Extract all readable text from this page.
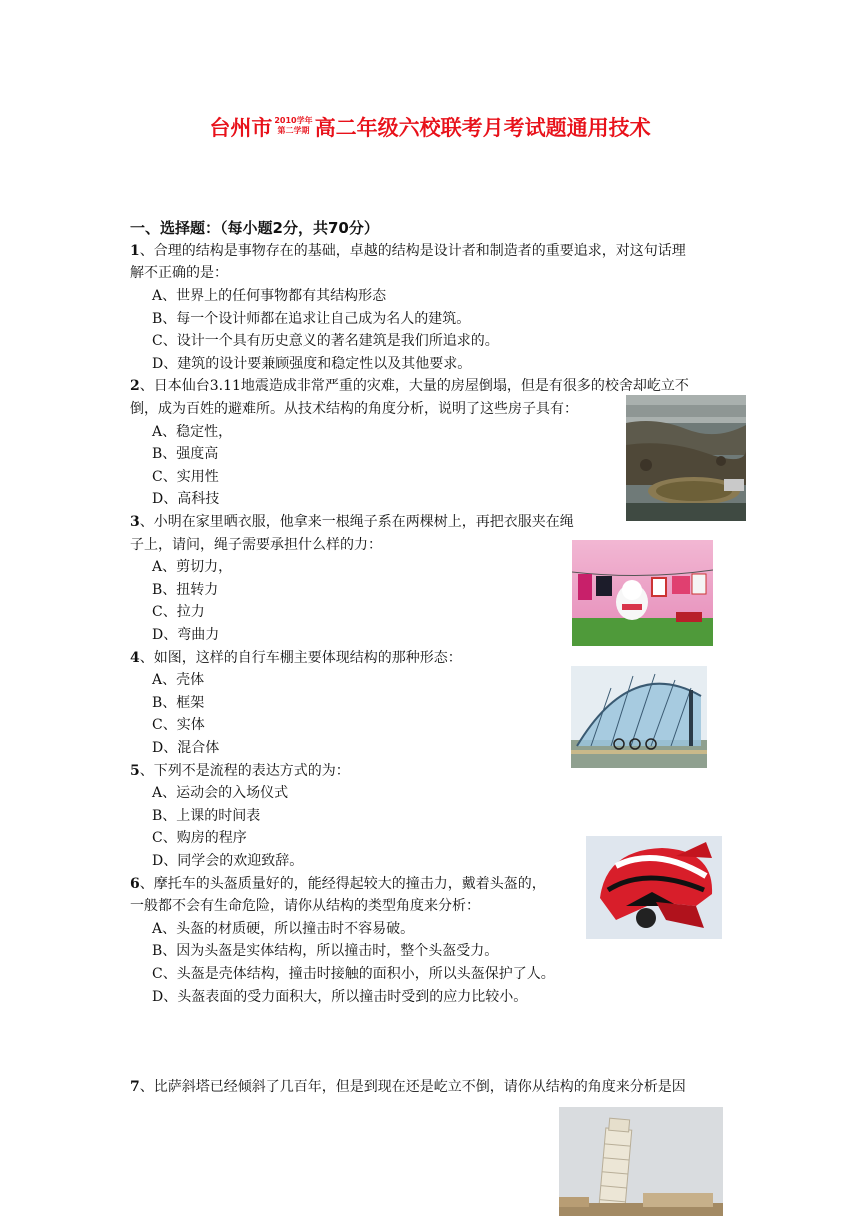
台州市 2010学年
第二学期 高二年级六校联考月考试题通用技术
一、选择题：（每小题2分，共70分）
1、合理的结构是事物存在的基础，卓越的结构是设计者和制造者的重要追求，对这句话理
解不正确的是：
A、世界上的任何事物都有其结构形态
B、每一个设计师都在追求让自己成为名人的建筑。
C、设计一个具有历史意义的著名建筑是我们所追求的。
D、建筑的设计要兼顾强度和稳定性以及其他要求。
2、日本仙台3.11地震造成非常严重的灾难，大量的房屋倒塌，但是有很多的校舍却屹立不
倒，成为百姓的避难所。从技术结构的角度分析，说明了这些房子具有：
A、稳定性，
B、强度高
C、实用性
D、高科技
3、小明在家里晒衣服，他拿来一根绳子系在两棵树上，再把衣服夹在绳
子上，请问，绳子需要承担什么样的力：
A、剪切力，
B、扭转力
C、拉力
D、弯曲力
4、如图，这样的自行车棚主要体现结构的那种形态：
A、壳体
B、框架
C、实体
D、混合体
5、下列不是流程的表达方式的为：
A、运动会的入场仪式
B、上课的时间表
C、购房的程序
D、同学会的欢迎致辞。
6、摩托车的头盔质量好的，能经得起较大的撞击力，戴着头盔的，
一般都不会有生命危险，请你从结构的类型角度来分析：
A、头盔的材质硬，所以撞击时不容易破。
B、因为头盔是实体结构，所以撞击时，整个头盔受力。
C、头盔是壳体结构，撞击时接触的面积小，所以头盔保护了人。
D、头盔表面的受力面积大，所以撞击时受到的应力比较小。
7、比萨斜塔已经倾斜了几百年，但是到现在还是屹立不倒，请你从结构的角度来分析是因
